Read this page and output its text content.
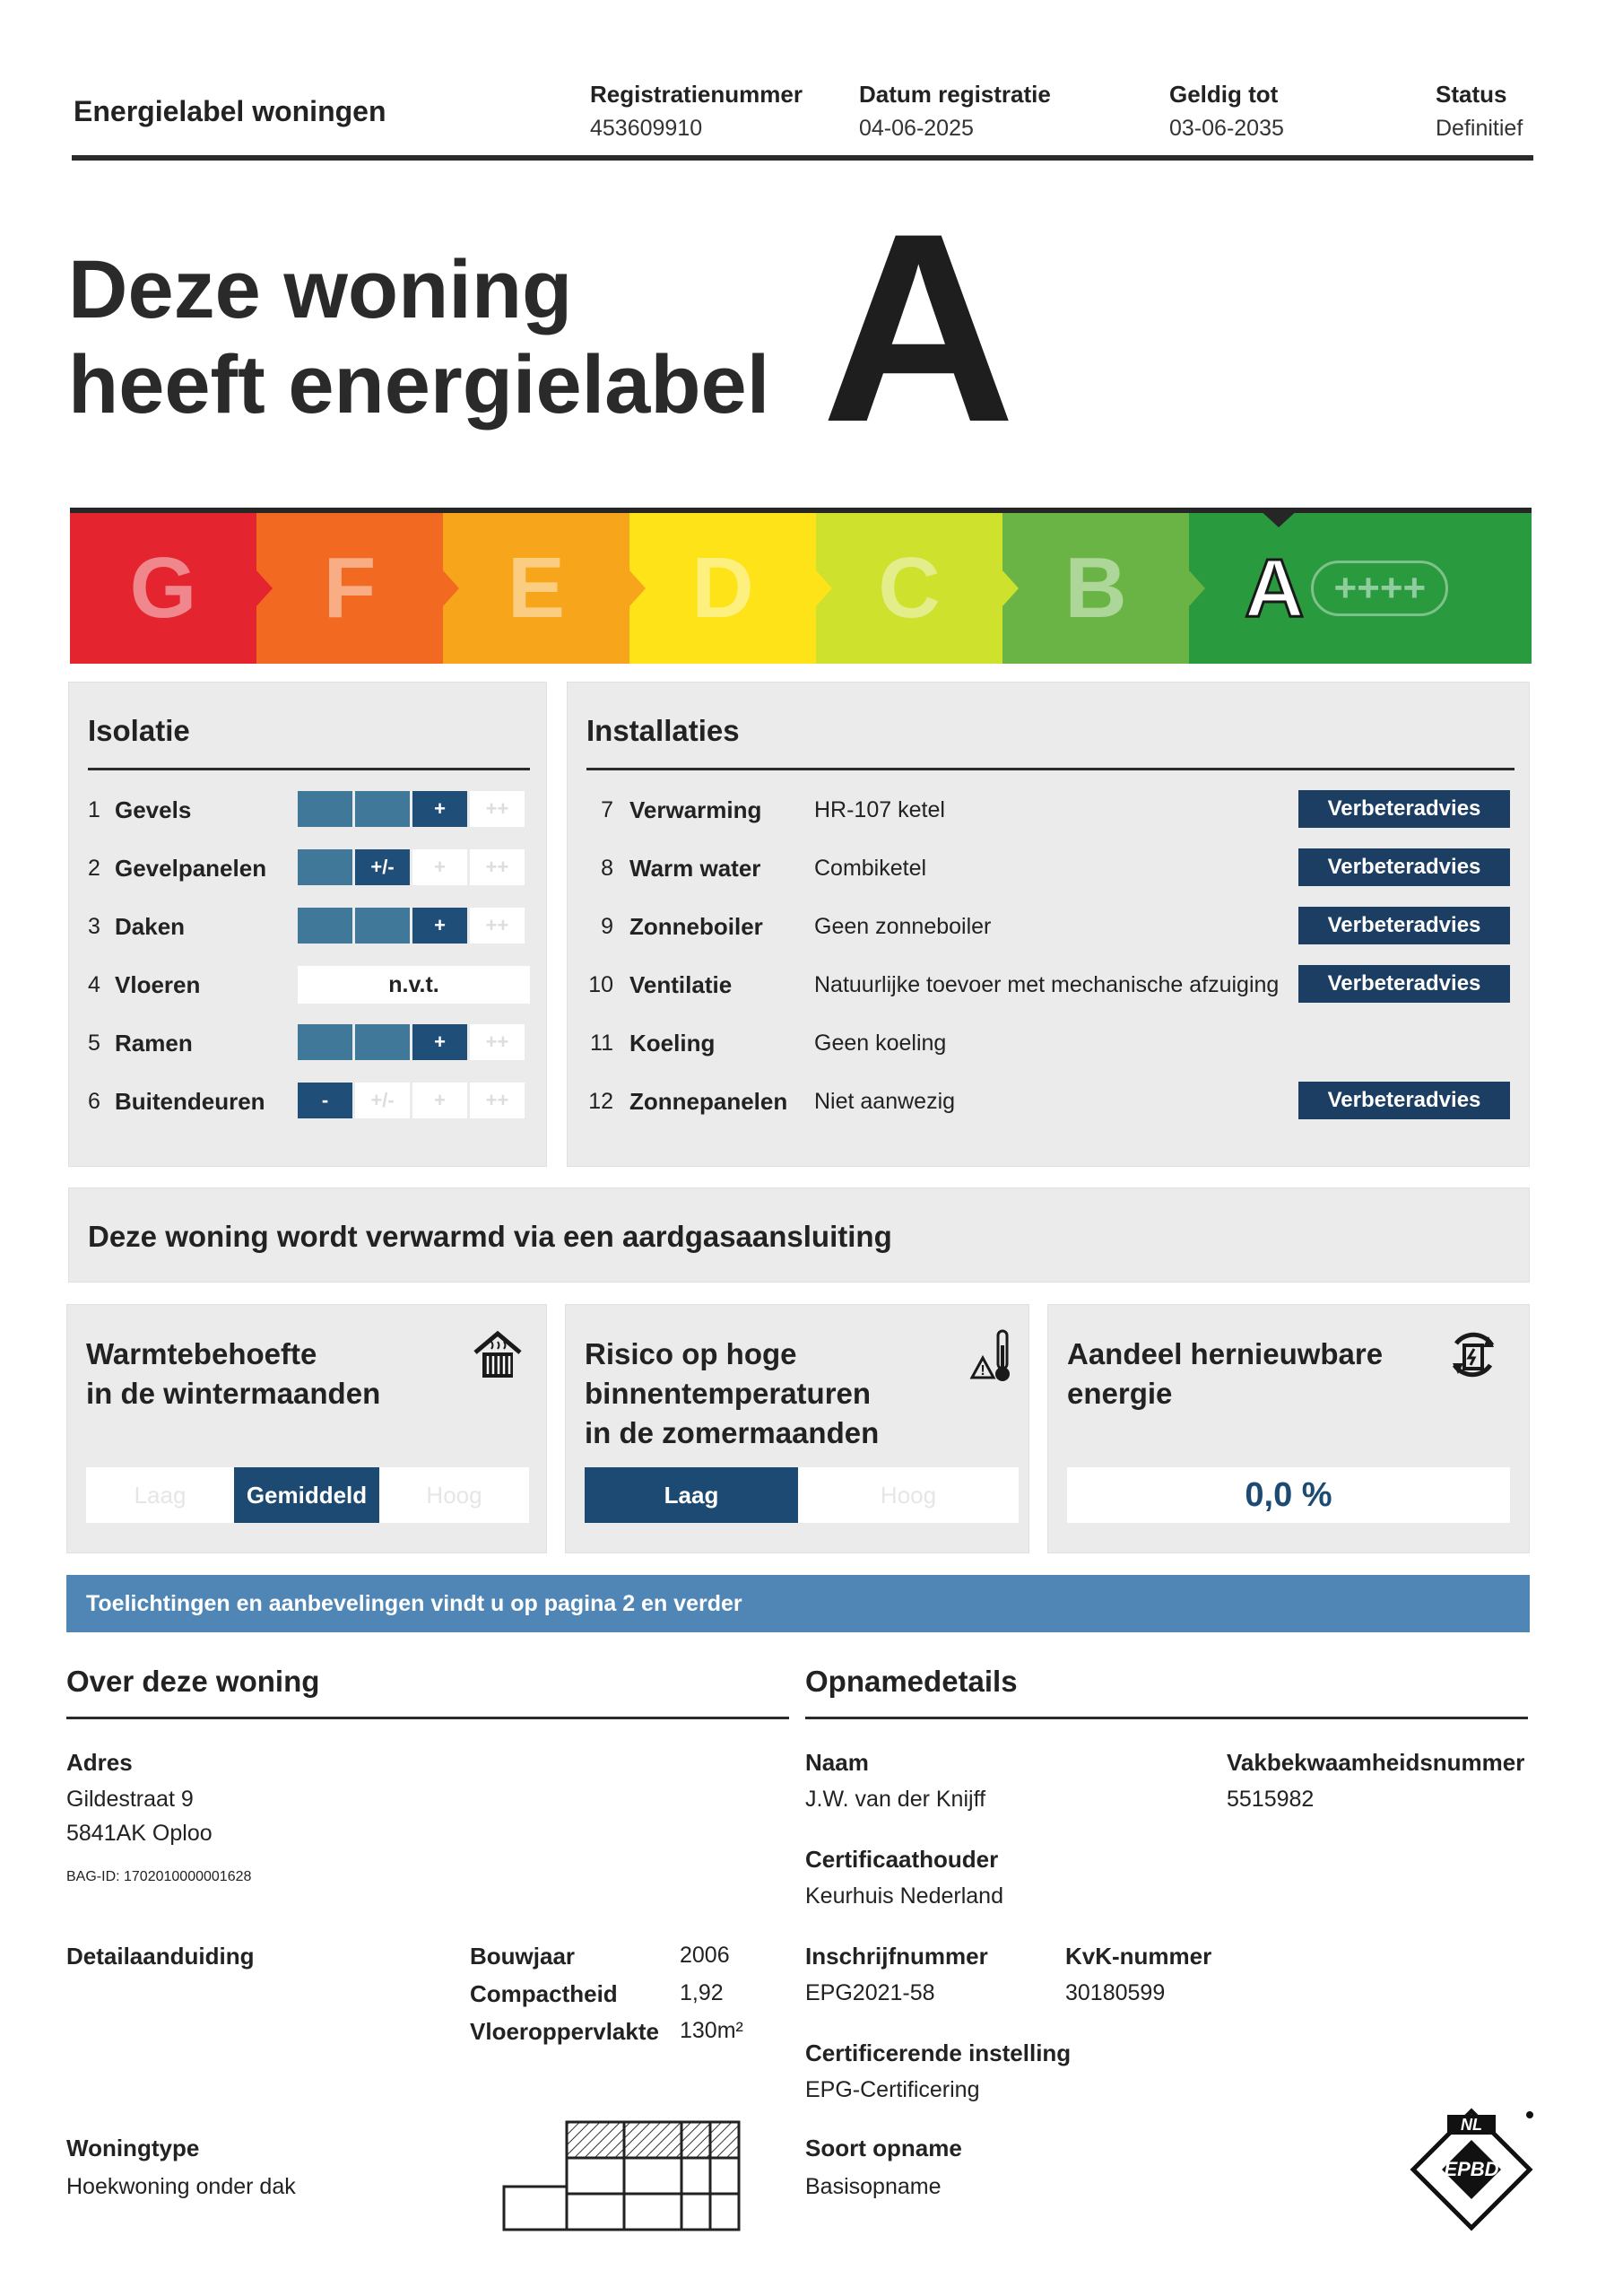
Energielabel woningen
Registratienummer
453609910
Datum registratie
04-06-2025
Geldig tot
03-06-2035
Status
Definitief
Deze woning
heeft energielabel A
G F E D C B A ++++
Isolatie
1 Gevels	+	++
2 Gevelpanelen	+/-	+	++
3 Daken	+	++
4 Vloeren	n.v.t.
5 Ramen	+	++
6 Buitendeuren	-	+/-	+	++
Installaties
7 Verwarming HR-107 ketel	Verbeteradvies
8 Warm water Combiketel	Verbeteradvies
9 Zonneboiler Geen zonneboiler	Verbeteradvies
10 Ventilatie	Natuurlijke toevoer met mechanische afzuiging	Verbeteradvies
11 Koeling	Geen koeling
12 Zonnepanelen Niet aanwezig	Verbeteradvies
Deze woning wordt verwarmd via een aardgasaansluiting
Warmtebehoefte
in de wintermaanden
Laag	Gemiddeld	Hoog
Risico op hoge
binnentemperaturen
in de zomermaanden
!
Laag	Hoog
Aandeel hernieuwbare
energie
0,0 %
Toelichtingen en aanbevelingen vindt u op pagina 2 en verder
Over deze woning
Adres
Gildestraat 9
5841AK Oploo
BAG-ID: 1702010000001628
Detailaanduiding	Bouwjaar	2006
Compactheid	1,92
Vloeroppervlakte 130m²
Woningtype
Hoekwoning onder dak
Opnamedetails
Naam
J.W. van der Knijff
Vakbekwaamheidsnummer
5515982
Certificaathouder
Keurhuis Nederland
Inschrijfnummer
EPG2021-58
KvK-nummer
30180599
Certificerende instelling
EPG-Certificering
Soort opname
Basisopname
NL
EPBD
